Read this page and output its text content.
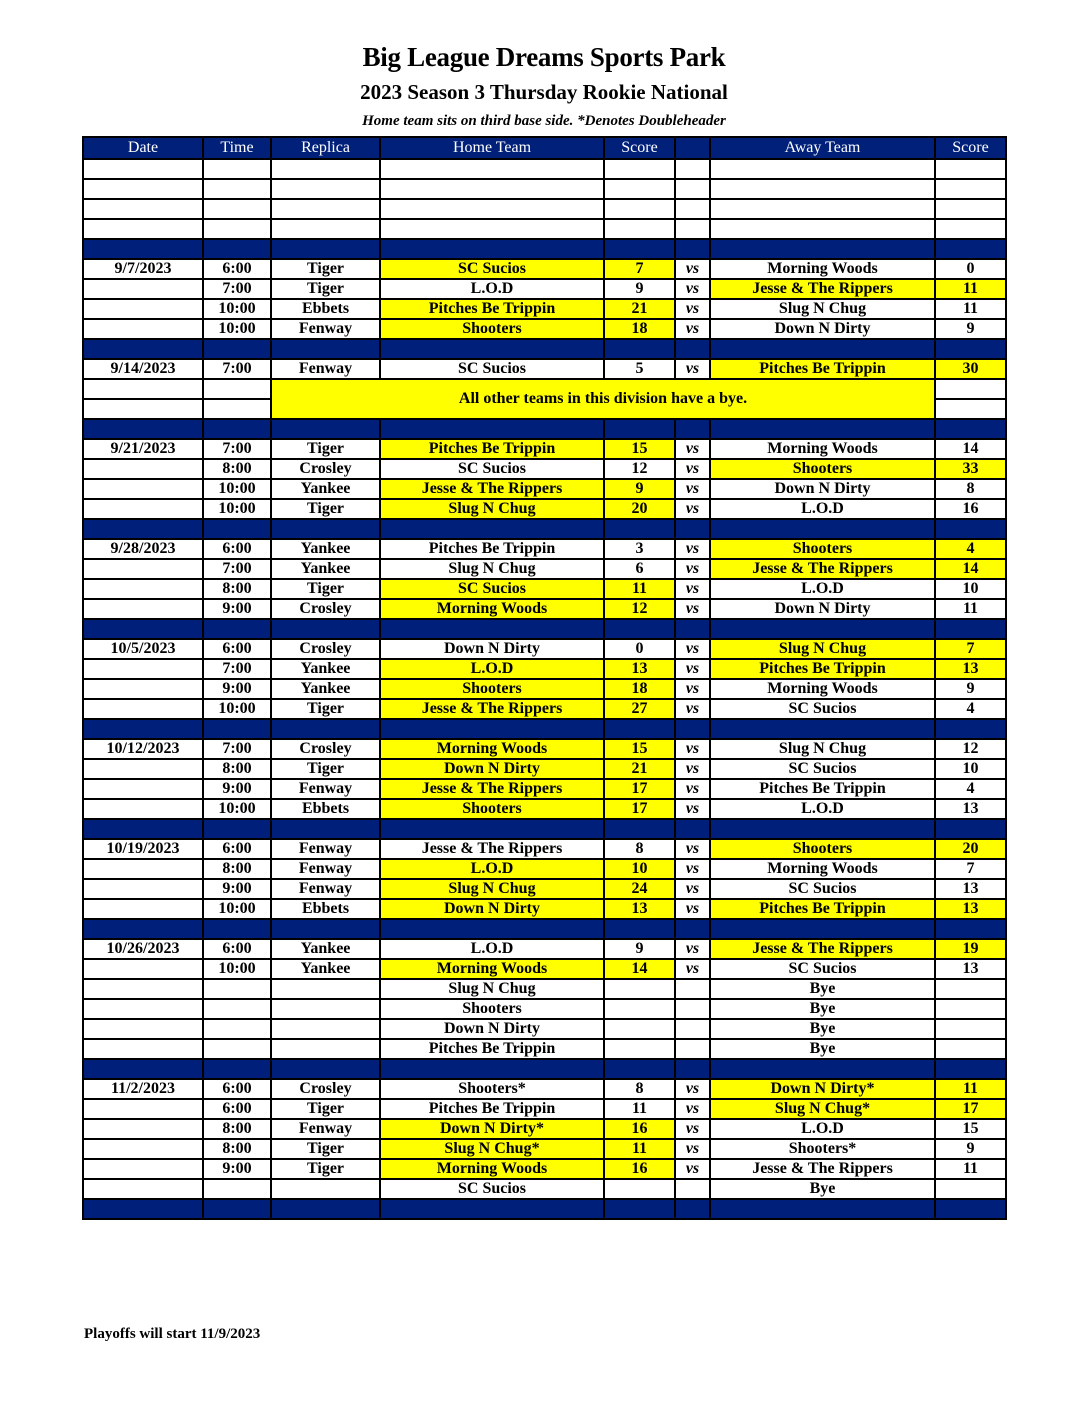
Big League Dreams Sports Park
2023 Season 3 Thursday Rookie National
Home team sits on third base side. *Denotes Doubleheader
Date	Time	Replica	Home Team	Score		Away Team	Score

9/7/2023	6:00	Tiger	SC Sucios	7	vs	Morning Woods	0
	7:00	Tiger	L.O.D	9	vs	Jesse & The Rippers	11
	10:00	Ebbets	Pitches Be Trippin	21	vs	Slug N Chug	11
	10:00	Fenway	Shooters	18	vs	Down N Dirty	9

9/14/2023	7:00	Fenway	SC Sucios	5	vs	Pitches Be Trippin	30
		All other teams in this division have a bye.					

9/21/2023	7:00	Tiger	Pitches Be Trippin	15	vs	Morning Woods	14
	8:00	Crosley	SC Sucios	12	vs	Shooters	33
	10:00	Yankee	Jesse & The Rippers	9	vs	Down N Dirty	8
	10:00	Tiger	Slug N Chug	20	vs	L.O.D	16

9/28/2023	6:00	Yankee	Pitches Be Trippin	3	vs	Shooters	4
	7:00	Yankee	Slug N Chug	6	vs	Jesse & The Rippers	14
	8:00	Tiger	SC Sucios	11	vs	L.O.D	10
	9:00	Crosley	Morning Woods	12	vs	Down N Dirty	11

10/5/2023	6:00	Crosley	Down N Dirty	0	vs	Slug N Chug	7
	7:00	Yankee	L.O.D	13	vs	Pitches Be Trippin	13
	9:00	Yankee	Shooters	18	vs	Morning Woods	9
	10:00	Tiger	Jesse & The Rippers	27	vs	SC Sucios	4

10/12/2023	7:00	Crosley	Morning Woods	15	vs	Slug N Chug	12
	8:00	Tiger	Down N Dirty	21	vs	SC Sucios	10
	9:00	Fenway	Jesse & The Rippers	17	vs	Pitches Be Trippin	4
	10:00	Ebbets	Shooters	17	vs	L.O.D	13

10/19/2023	6:00	Fenway	Jesse & The Rippers	8	vs	Shooters	20
	8:00	Fenway	L.O.D	10	vs	Morning Woods	7
	9:00	Fenway	Slug N Chug	24	vs	SC Sucios	13
	10:00	Ebbets	Down N Dirty	13	vs	Pitches Be Trippin	13

10/26/2023	6:00	Yankee	L.O.D	9	vs	Jesse & The Rippers	19
	10:00	Yankee	Morning Woods	14	vs	SC Sucios	13
			Slug N Chug			Bye	
			Shooters			Bye	
			Down N Dirty			Bye	
			Pitches Be Trippin			Bye	

11/2/2023	6:00	Crosley	Shooters*	8	vs	Down N Dirty*	11
	6:00	Tiger	Pitches Be Trippin	11	vs	Slug N Chug*	17
	8:00	Fenway	Down N Dirty*	16	vs	L.O.D	15
	8:00	Tiger	Slug N Chug*	11	vs	Shooters*	9
	9:00	Tiger	Morning Woods	16	vs	Jesse & The Rippers	11
			SC Sucios			Bye	

Playoffs will start 11/9/2023
